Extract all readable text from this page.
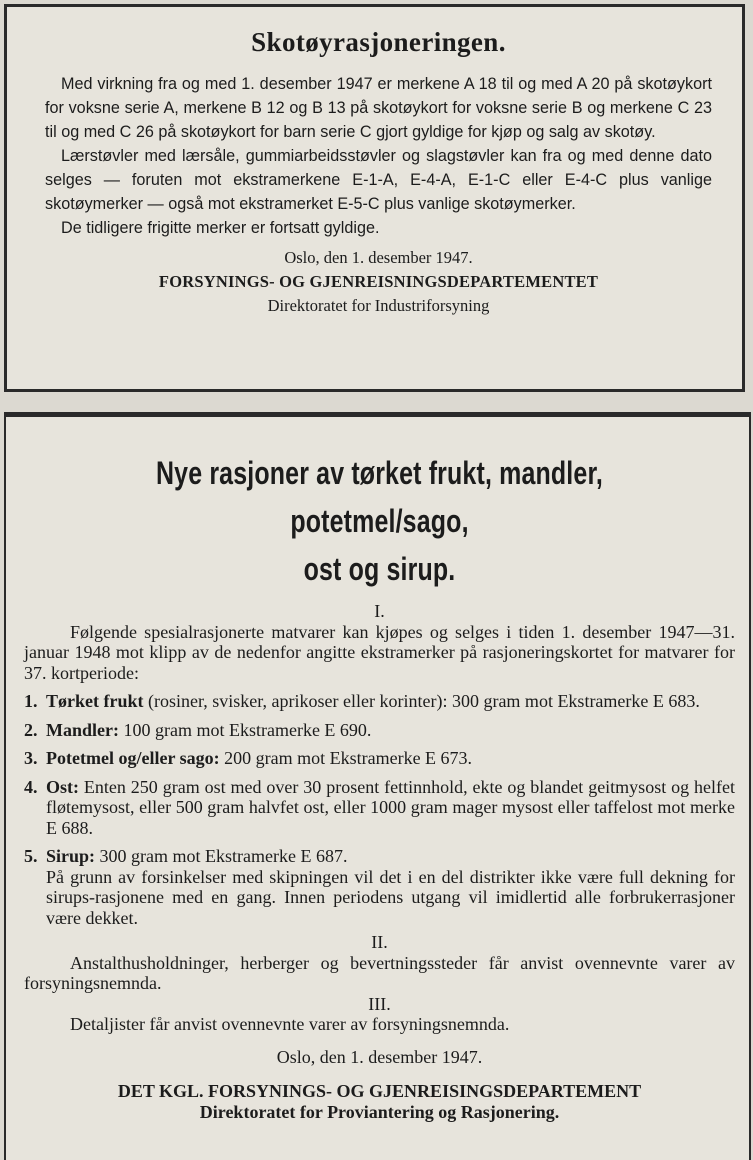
Skotøyrasjoneringen.

Med virkning fra og med 1. desember 1947 er merkene A 18 til og med A 20 på skotøykort for voksne serie A, merkene B 12 og B 13 på skotøykort for voksne serie B og merkene C 23 til og med C 26 på skotøykort for barn serie C gjort gyldige for kjøp og salg av skotøy.

Lærstøvler med lærsåle, gummiarbeidsstøvler og slagstøvler kan fra og med denne dato selges — foruten mot ekstramerkene E-1-A, E-4-A, E-1-C eller E-4-C plus vanlige skotøymerker — også mot ekstramerket E-5-C plus vanlige skotøymerker.

De tidligere frigitte merker er fortsatt gyldige.

Oslo, den 1. desember 1947.
FORSYNINGS- OG GJENREISNINGSDEPARTEMENTET
Direktoratet for Industriforsyning
Nye rasjoner av tørket frukt, mandler, potetmel/sago,
ost og sirup.

I.

Følgende spesialrasjonerte matvarer kan kjøpes og selges i tiden 1. desember 1947—31. januar 1948 mot klipp av de nedenfor angitte ekstramerker på rasjoneringskortet for matvarer for 37. kortperiode:

1. Tørket frukt (rosiner, svisker, aprikoser eller korinter): 300 gram mot Ekstramerke E 683.
2. Mandler: 100 gram mot Ekstramerke E 690.
3. Potetmel og/eller sago: 200 gram mot Ekstramerke E 673.
4. Ost: Enten 250 gram ost med over 30 prosent fettinnhold, ekte og blandet geitmysost og helfet fløtemysost, eller 500 gram halvfet ost, eller 1000 gram mager mysost eller taffelost mot merke E 688.
5. Sirup: 300 gram mot Ekstramerke E 687.
På grunn av forsinkelser med skipningen vil det i en del distrikter ikke være full dekning for sirups-rasjonene med en gang. Innen periodens utgang vil imidlertid alle forbrukerrasjoner være dekket.

II.

Anstalthusholdninger, herberger og bevertningssteder får anvist ovennevnte varer av forsyningsnemnda.

III.

Detaljister får anvist ovennevnte varer av forsyningsnemnda.

Oslo, den 1. desember 1947.

DET KGL. FORSYNINGS- OG GJENREISINGSDEPARTEMENT

Direktoratet for Proviantering og Rasjonering.
